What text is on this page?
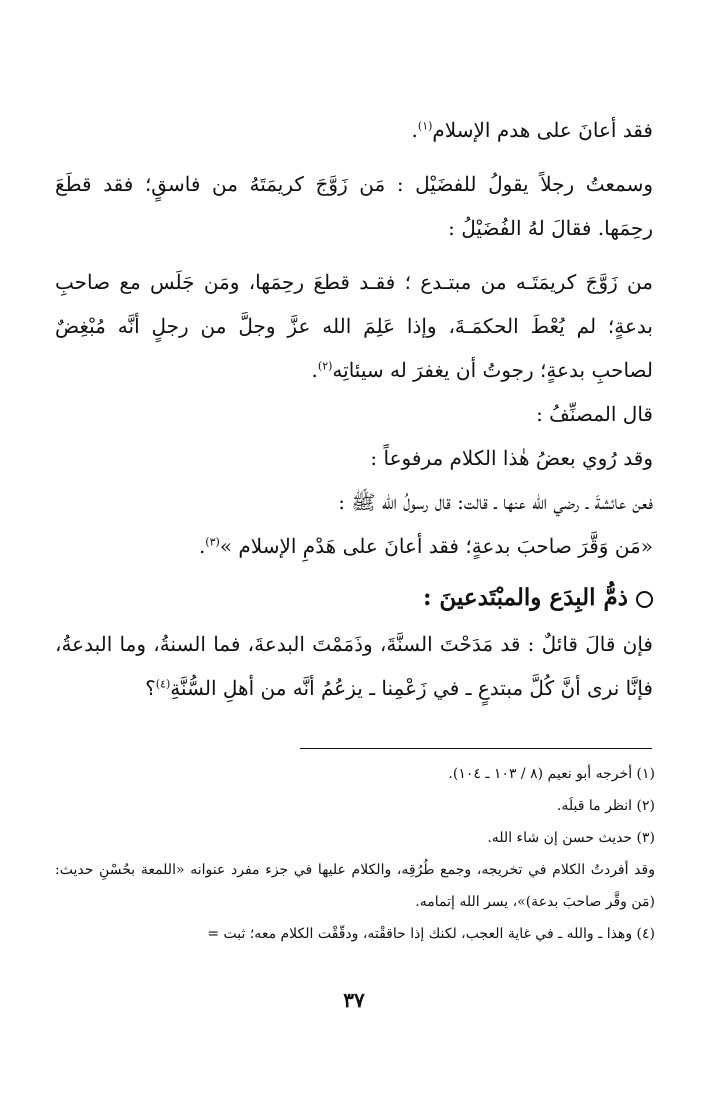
فقد أعانَ على هدم الإسلام$^{(١)}$.

وسمعتُ رجلاً يقولُ للفضَيْل : مَن زَوَّجَ كريمَتَهُ من فاسقٍ؛ فقد قطَعَ رحِمَها. فقالَ لهُ الفُضَيْلُ :

من زَوَّجَ كريمَتَـه من مبتـدع ؛ فقـد قطعَ رحِمَها، ومَن جَلَس مع صاحبِ بدعةٍ؛ لم يُعْطَ الحكمَـةَ، وإذا عَلِمَ الله عزَّ وجلَّ من رجلٍ أنَّه مُبْغِضٌ لصاحبِ بدعةٍ؛ رجوتُ أن يغفرَ له سيئاتِه$^{(٢)}$.

قال المصنِّفُ :

وقد رُوي بعضُ هٰذا الكلام مرفوعاً :

فعن عائشةَ ـ رضي الله عنها ـ قالت: قال رسولُ الله ﷺ :

«مَن وَقَّرَ صاحبَ بدعةٍ؛ فقد أعانَ على هَدْمِ الإسلام »$^{(٣)}$.

ذمُّ البِدَع والمبْتَدعينَ :

فإن قالَ قائلٌ : قد مَدَحْتَ السنَّةَ، وذَمَمْتَ البدعةَ، فما السنةُ، وما البدعةُ، فإنَّا نرى أنَّ كُلَّ مبتدعٍ ـ في زَعْمِنا ـ يزعُمُ أنَّه من أهلِ السُّنَّةِ$^{(٤)}$؟

(١) أخرجه أبو نعيم (٨ / ١٠٣ ـ ١٠٤).

(٢) انظر ما قبلَه.

(٣) حديث حسن إن شاء الله.

وقد أفردتُ الكلام في تخريجه، وجمع طُرُقِه، والكلام عليها في جزء مفرد عنوانه «اللمعة بحُسْنِ حديث: (مَن وقَّر صاحبَ بدعة)»، يسر الله إتمامه.

(٤) وهذا ـ والله ـ في غاية العجب، لكنك إذا حاققْته، ودقّقْت الكلام معه؛ ثبت =

٣٧
